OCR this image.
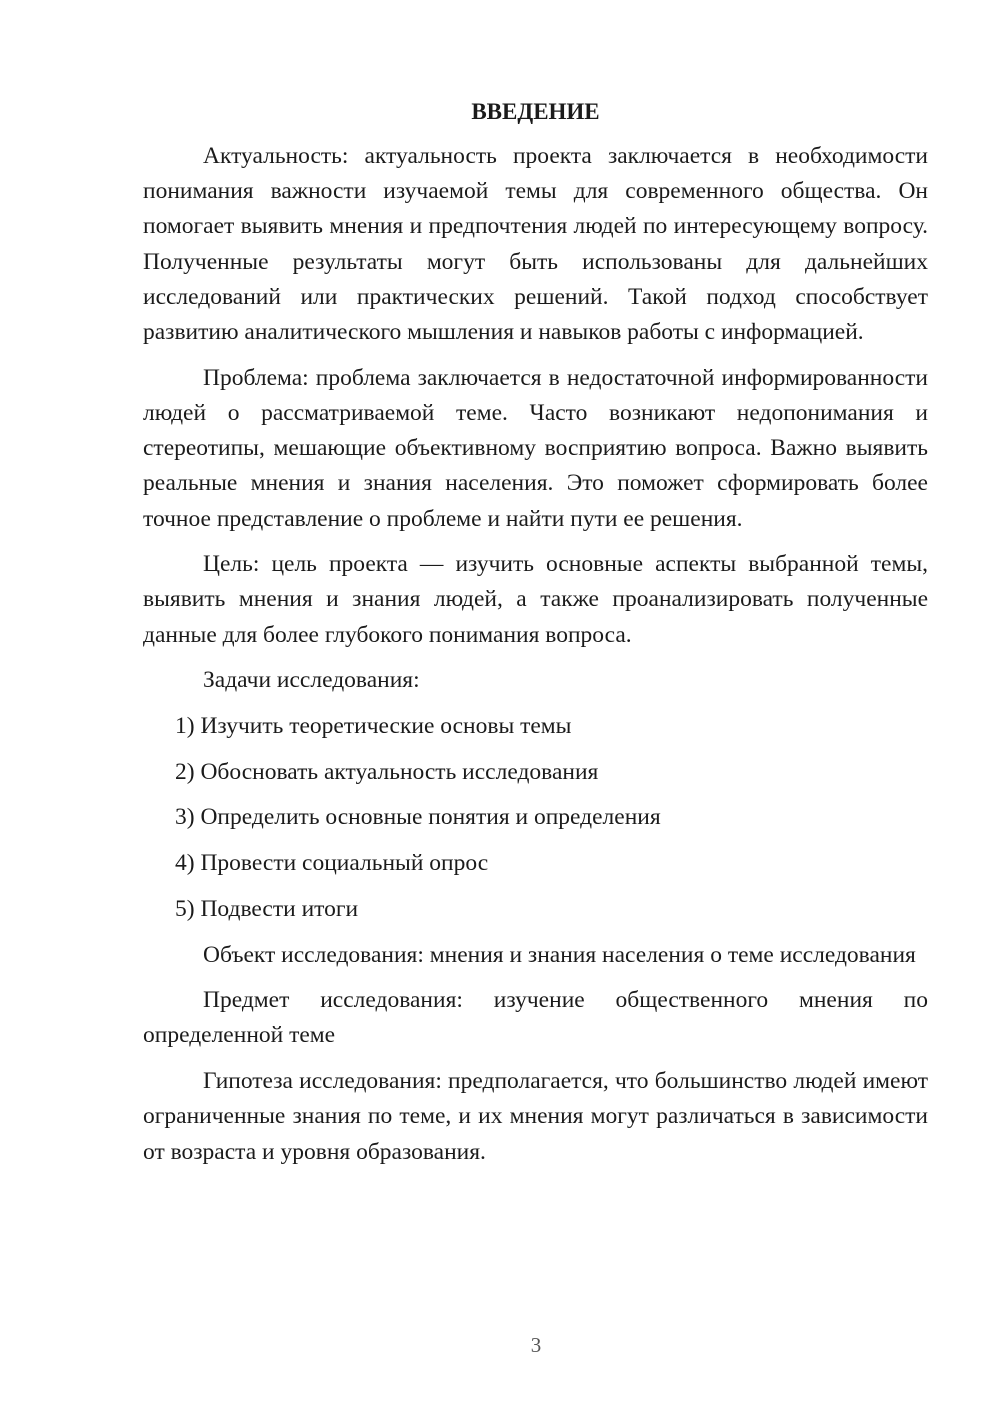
ВВЕДЕНИЕ

Актуальность: актуальность проекта заключается в необходимости понимания важности изучаемой темы для современного общества. Он помогает выявить мнения и предпочтения людей по интересующему вопросу. Полученные результаты могут быть использованы для дальнейших исследований или практических решений. Такой подход способствует развитию аналитического мышления и навыков работы с информацией.

Проблема: проблема заключается в недостаточной информированности людей о рассматриваемой теме. Часто возникают недопонимания и стереотипы, мешающие объективному восприятию вопроса. Важно выявить реальные мнения и знания населения. Это поможет сформировать более точное представление о проблеме и найти пути ее решения.

Цель: цель проекта — изучить основные аспекты выбранной темы, выявить мнения и знания людей, а также проанализировать полученные данные для более глубокого понимания вопроса.

Задачи исследования:

1) Изучить теоретические основы темы

2) Обосновать актуальность исследования

3) Определить основные понятия и определения

4) Провести социальный опрос

5) Подвести итоги

Объект исследования: мнения и знания населения о теме исследования

Предмет исследования: изучение общественного мнения по определенной теме

Гипотеза исследования: предполагается, что большинство людей имеют ограниченные знания по теме, и их мнения могут различаться в зависимости от возраста и уровня образования.

3
